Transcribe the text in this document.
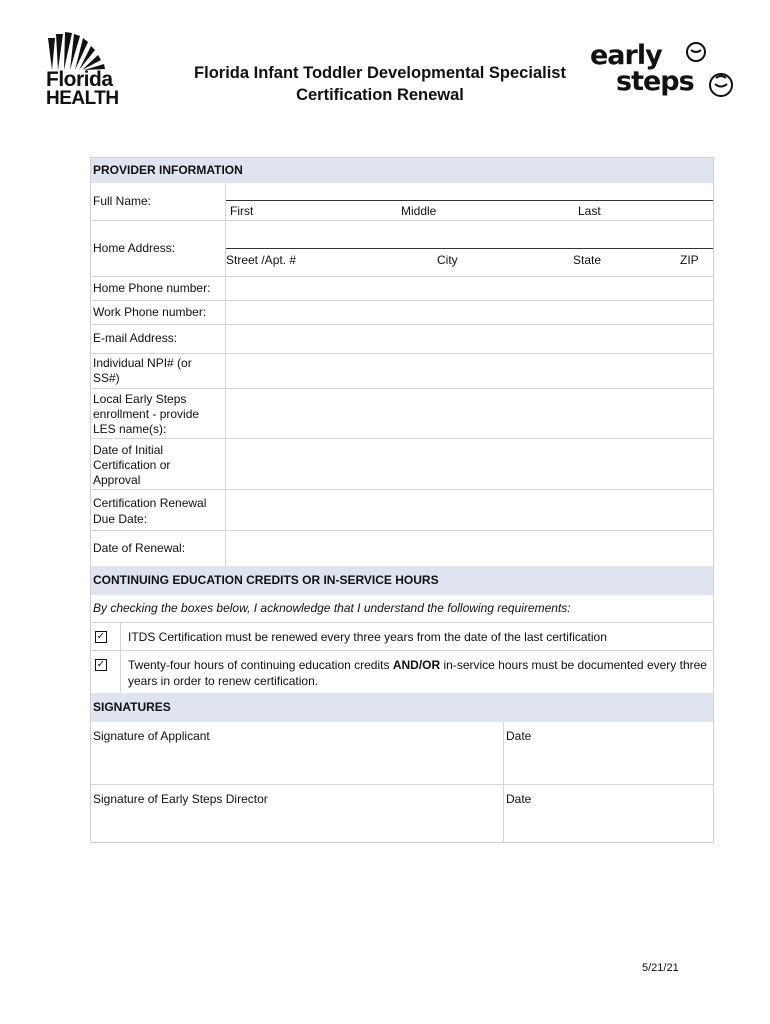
Florida
HEALTH
Florida Infant Toddler Developmental Specialist
Certification Renewal
early
steps
PROVIDER INFORMATION
Full Name:
First	Middle	Last
Home Address:
Street /Apt. #	City	State	ZIP
Home Phone number:
Work Phone number:
E-mail Address:
Individual NPI# (or SS#)
Local Early Steps enrollment - provide LES name(s):
Date of Initial Certification or Approval
Certification Renewal Due Date:
Date of Renewal:
CONTINUING EDUCATION CREDITS OR IN-SERVICE HOURS
By checking the boxes below, I acknowledge that I understand the following requirements:
✓ ITDS Certification must be renewed every three years from the date of the last certification
✓ Twenty-four hours of continuing education credits AND/OR in-service hours must be documented every three years in order to renew certification.
SIGNATURES
Signature of Applicant	Date
Signature of Early Steps Director	Date
5/21/21
